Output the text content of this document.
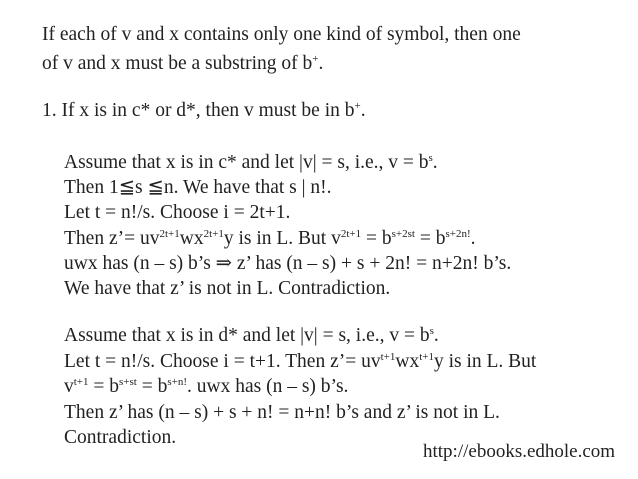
If each of v and x contains only one kind of symbol, then one
of v and x must be a substring of b+.
1. If x is in c* or d*, then v must be in b+.
Assume that x is in c* and let |v| = s, i.e., $v = b^s$.
Then 1≦s ≦n. We have that s | n!.
Let t = n!/s. Choose i = 2t+1.
Then z’= $uv^{2t+1}wx^{2t+1}y$ is in L. But $v^{2t+1} = b^{s+2st} = b^{s+2n!}$.
uwx has (n – s) b’s ⇒ z’ has (n – s) + s + 2n! = n+2n! b’s.
We have that z’ is not in L. Contradiction.
Assume that x is in d* and let |v| = s, i.e., $v = b^s$.
Let t = n!/s. Choose i = t+1. Then z’= $uv^{t+1}wx^{t+1}y$ is in L. But
$v^{t+1} = b^{s+st} = b^{s+n!}$. uwx has (n – s) b’s.
Then z’ has (n – s) + s + n! = n+n! b’s and z’ is not in L.
Contradiction.
http://ebooks.edhole.com
